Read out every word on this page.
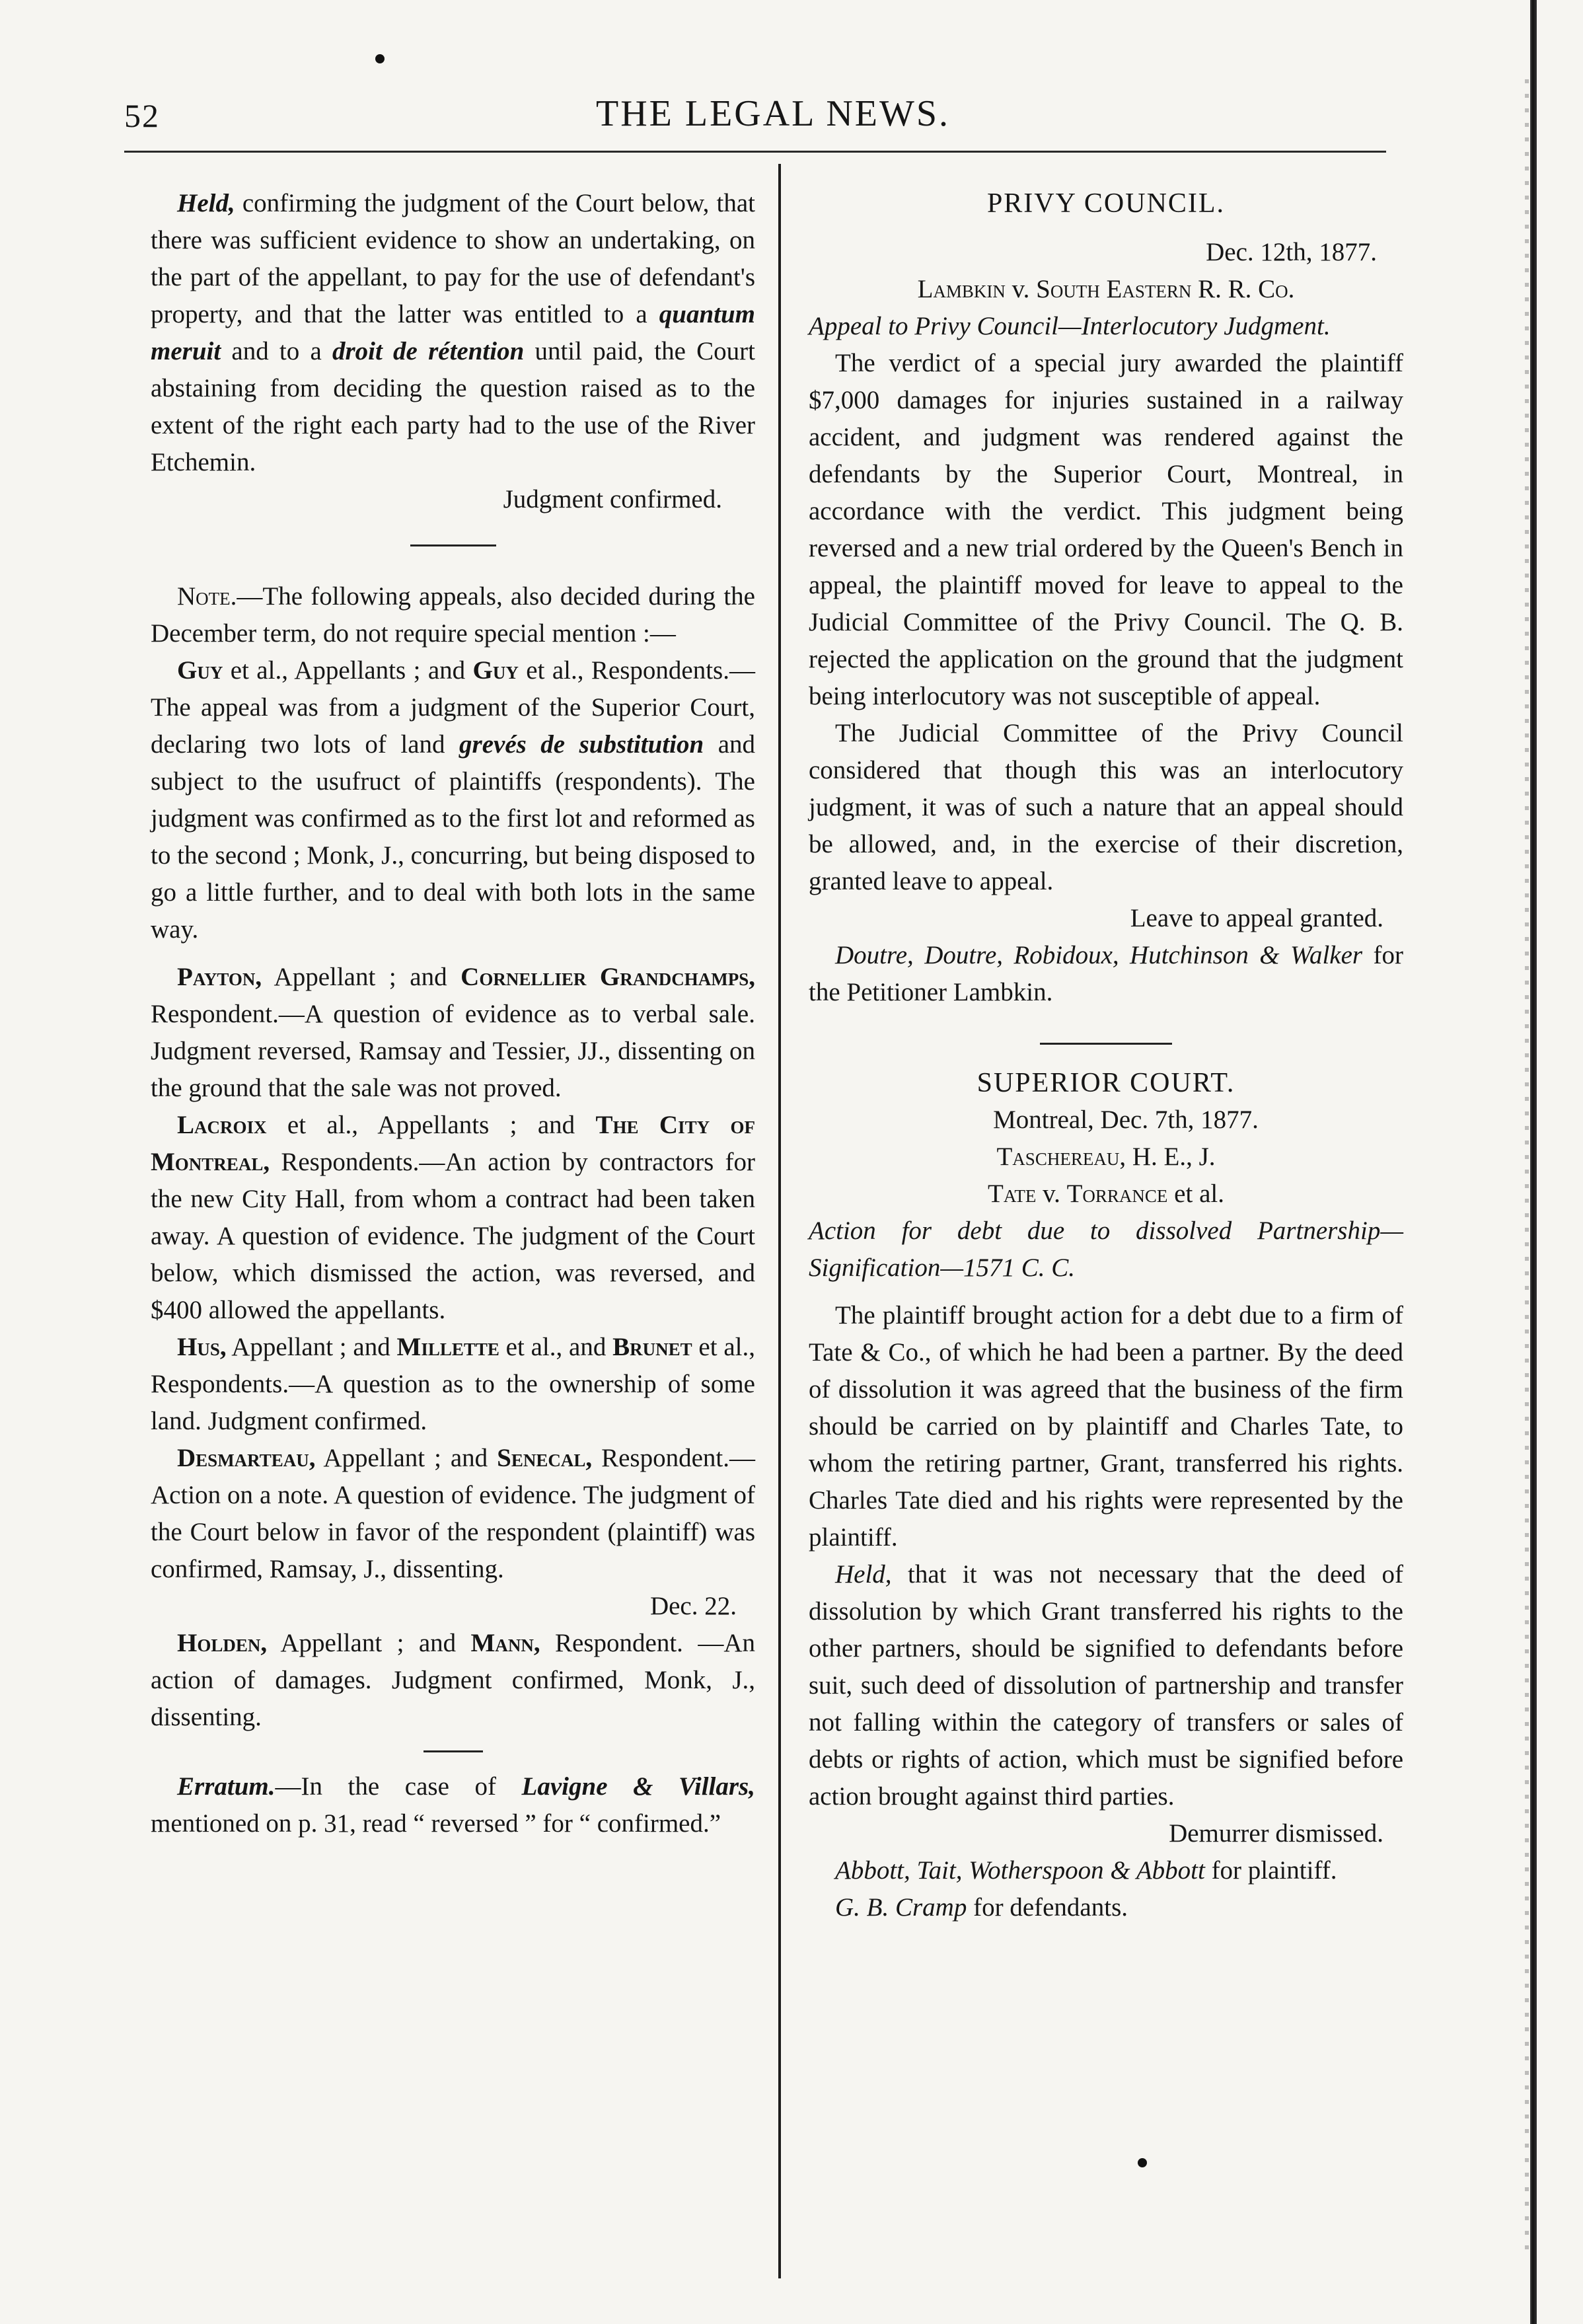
52	THE LEGAL NEWS.

Held, confirming the judgment of the Court below, that there was sufficient evidence to show an undertaking, on the part of the appellant, to pay for the use of defendant's property, and that the latter was entitled to a quantum meruit and to a droit de rétention until paid, the Court abstaining from deciding the question raised as to the extent of the right each party had to the use of the River Etchemin.

Judgment confirmed.

Note.—The following appeals, also decided during the December term, do not require special mention :—

Guy et al., Appellants ; and Guy et al., Respondents.—The appeal was from a judgment of the Superior Court, declaring two lots of land grevés de substitution and subject to the usufruct of plaintiffs (respondents). The judgment was confirmed as to the first lot and reformed as to the second ; Monk, J., concurring, but being disposed to go a little further, and to deal with both lots in the same way.

Payton, Appellant ; and Cornellier Grandchamps, Respondent.—A question of evidence as to verbal sale. Judgment reversed, Ramsay and Tessier, JJ., dissenting on the ground that the sale was not proved.

Lacroix et al., Appellants ; and The City of Montreal, Respondents.—An action by contractors for the new City Hall, from whom a contract had been taken away. A question of evidence. The judgment of the Court below, which dismissed the action, was reversed, and $400 allowed the appellants.

Hus, Appellant ; and Millette et al., and Brunet et al., Respondents.—A question as to the ownership of some land. Judgment confirmed.

Desmarteau, Appellant ; and Senecal, Respondent.—Action on a note. A question of evidence. The judgment of the Court below in favor of the respondent (plaintiff) was confirmed, Ramsay, J., dissenting.

Dec. 22.

Holden, Appellant ; and Mann, Respondent. —An action of damages. Judgment confirmed, Monk, J., dissenting.

Erratum.—In the case of Lavigne & Villars, mentioned on p. 31, read “ reversed ” for “ confirmed.”

PRIVY COUNCIL.

Dec. 12th, 1877.

Lambkin v. South Eastern R. R. Co.

Appeal to Privy Council—Interlocutory Judgment.

The verdict of a special jury awarded the plaintiff $7,000 damages for injuries sustained in a railway accident, and judgment was rendered against the defendants by the Superior Court, Montreal, in accordance with the verdict. This judgment being reversed and a new trial ordered by the Queen's Bench in appeal, the plaintiff moved for leave to appeal to the Judicial Committee of the Privy Council. The Q. B. rejected the application on the ground that the judgment being interlocutory was not susceptible of appeal.

The Judicial Committee of the Privy Council considered that though this was an interlocutory judgment, it was of such a nature that an appeal should be allowed, and, in the exercise of their discretion, granted leave to appeal.

Leave to appeal granted.

Doutre, Doutre, Robidoux, Hutchinson & Walker for the Petitioner Lambkin.

SUPERIOR COURT.

Montreal, Dec. 7th, 1877.

Taschereau, H. E., J.

Tate v. Torrance et al.

Action for debt due to dissolved Partnership—Signification—1571 C. C.

The plaintiff brought action for a debt due to a firm of Tate & Co., of which he had been a partner. By the deed of dissolution it was agreed that the business of the firm should be carried on by plaintiff and Charles Tate, to whom the retiring partner, Grant, transferred his rights. Charles Tate died and his rights were represented by the plaintiff.

Held, that it was not necessary that the deed of dissolution by which Grant transferred his rights to the other partners, should be signified to defendants before suit, such deed of dissolution of partnership and transfer not falling within the category of transfers or sales of debts or rights of action, which must be signified before action brought against third parties.

Demurrer dismissed.

Abbott, Tait, Wotherspoon & Abbott for plaintiff.

G. B. Cramp for defendants.
